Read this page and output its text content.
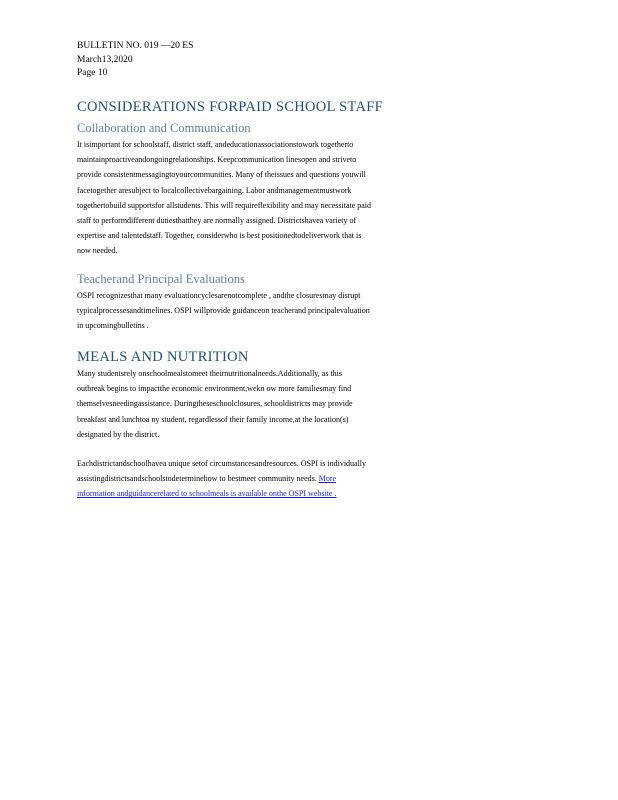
BULLETIN NO. 019 —20 ES
March13,2020
Page 10
CONSIDERATIONS FORPAID SCHOOL STAFF
Collaboration and Communication
It isimportant for schoolstaff, district staff, andeducationassociationstowork togetherto
maintainproactiveandongoingrelationships. Keepcommunication linesopen and striveto
provide consistentmessagingtoyourcommunities. Many of theissues and questions youwill
facetogether aresubject to localcollectivebargaining. Labor andmanagementmustwork
togethertobuild supportsfor allstudents. This will requireflexibility and may necessitate paid
staff to performdifferent dutiesthatthey are normally assigned. Districtshavea variety of
expertise and talentedstaff. Together, considerwho is best positionedtodeliverwork that is
now needed.
Teacherand Principal Evaluations
OSPI recognizesthat many evaluationcyclesarenotcomplete , andthe closuresmay disrupt
typicalprocessesandtimelines. OSPI willprovide guidanceon teacherand principalevaluation
in upcomingbulletins .
MEALS AND NUTRITION
Many studentsrely onschoolmealstomeet theirnutritionalneeds.Additionally, as this
outbreak begins to impactthe economic environment,wekn ow more familiesmay find
themselvesneedingassistance. Duringtheseschoolclosures, schooldistricts may provide
breakfast and lunchtoa ny student, regardlessof their family income,at the location(s)
designated by the district.
Eachdistrictandschoolhavea unique setof circumstancesandresources. OSPI is individually
assistingdistrictsandschoolstodeterminehow to bestmeet community needs. More
information andguidancerelated to schoolmeals is available onthe OSPI website .
